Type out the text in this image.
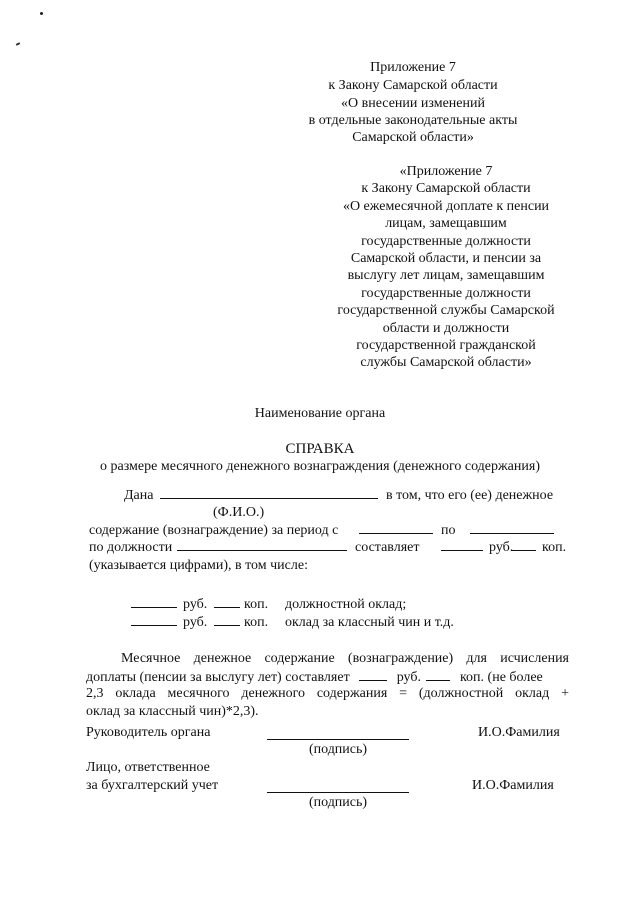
Приложение 7
к Закону Самарской области
«О внесении изменений
в отдельные законодательные акты
Самарской области»
«Приложение 7
к Закону Самарской области
«О ежемесячной доплате к пенсии
лицам, замещавшим
государственные должности
Самарской области, и пенсии за
выслугу лет лицам, замещавшим
государственные должности
государственной службы Самарской
области и должности
государственной гражданской
службы Самарской области»
Наименование органа
СПРАВКА
о размере месячного денежного вознаграждения (денежного содержания)
Дана	в том, что его (ее) денежное
(Ф.И.О.)
содержание (вознаграждение) за период с	по
по должности	составляет	руб. коп.
(указывается цифрами), в том числе:
руб.	коп. должностной оклад;
руб.	коп. оклад за классный чин и т.д.
Месячное денежное содержание (вознаграждение) для исчисления
доплаты (пенсии за выслугу лет) составляет	руб.	коп. (не более
2,3 оклада месячного денежного содержания = (должностной оклад +
оклад за классный чин)*2,3).
Руководитель органа	И.О.Фамилия
(подпись)
Лицо, ответственное
за бухгалтерский учет	И.О.Фамилия
(подпись)
